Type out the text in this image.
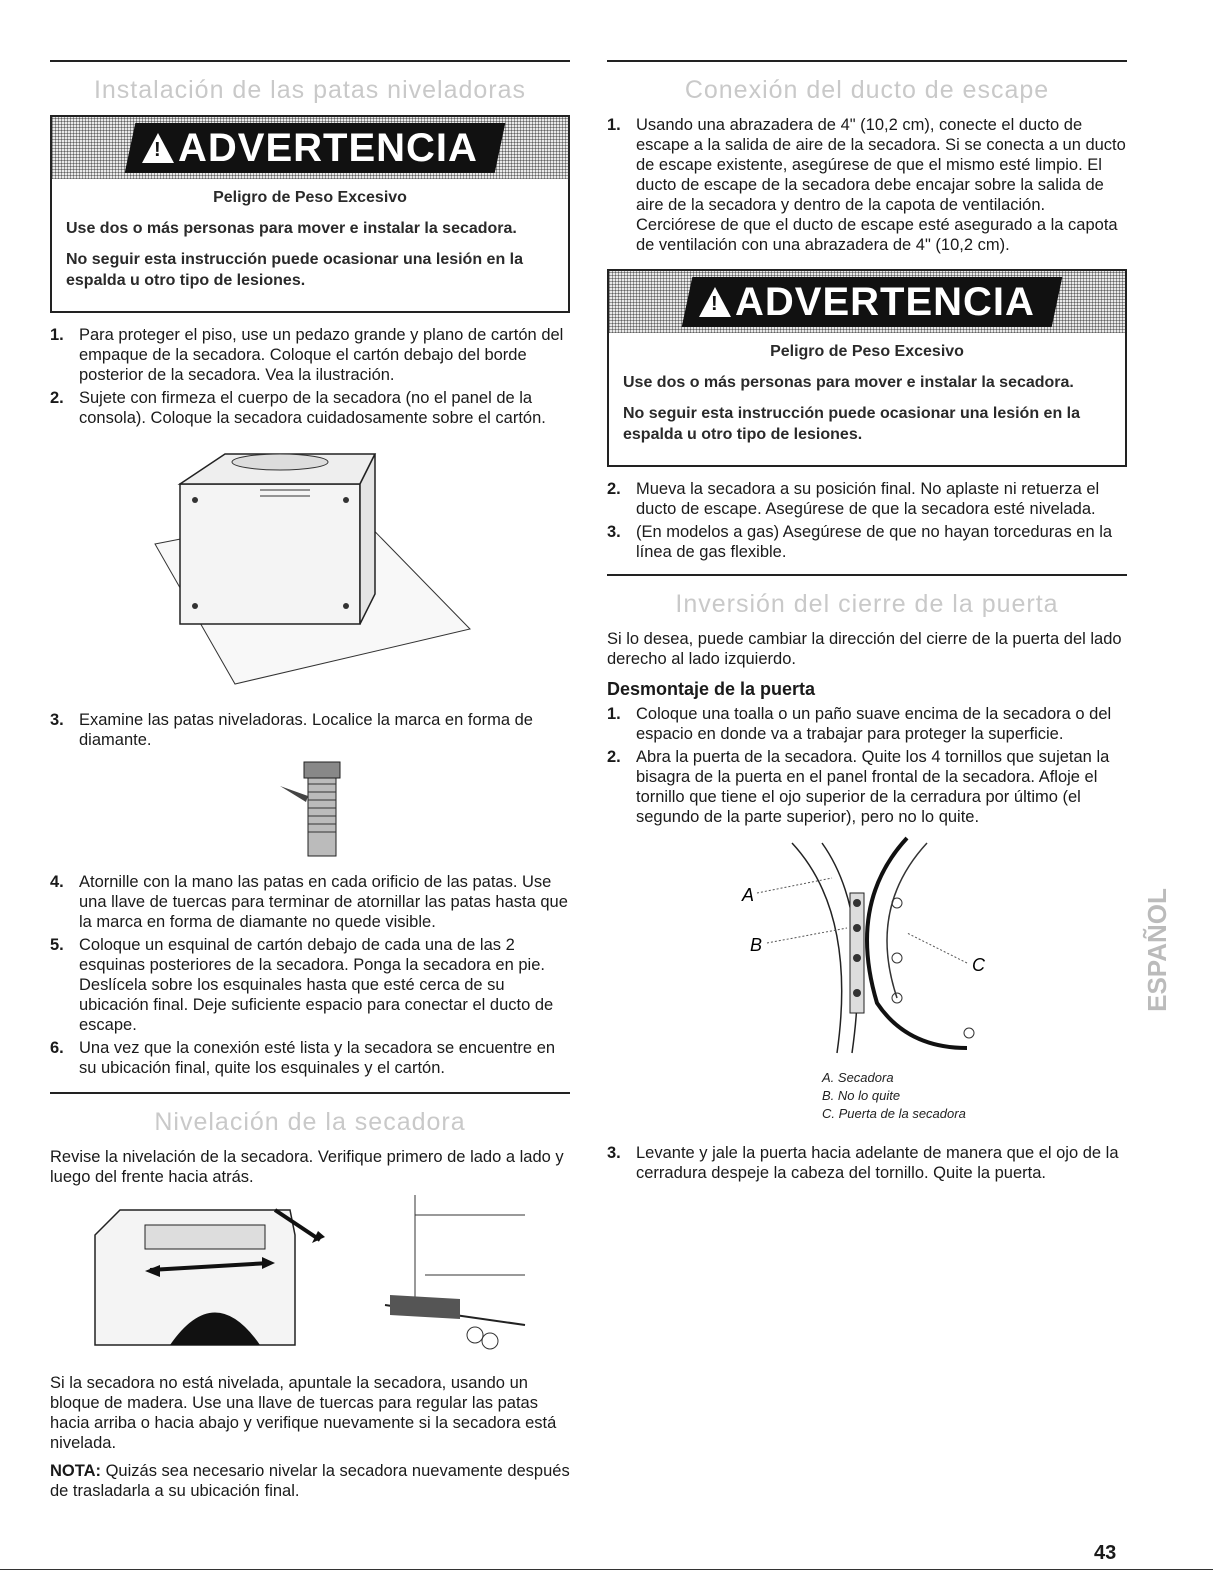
Instalación de las patas niveladoras
!ADVERTENCIA
Peligro de Peso Excesivo

Use dos o más personas para mover e instalar la secadora.

No seguir esta instrucción puede ocasionar una lesión en la espalda u otro tipo de lesiones.

1. Para proteger el piso, use un pedazo grande y plano de cartón del empaque de la secadora. Coloque el cartón debajo del borde posterior de la secadora. Vea la ilustración.
2. Sujete con firmeza el cuerpo de la secadora (no el panel de la consola). Coloque la secadora cuidadosamente sobre el cartón.
3. Examine las patas niveladoras. Localice la marca en forma de diamante.
4. Atornille con la mano las patas en cada orificio de las patas. Use una llave de tuercas para terminar de atornillar las patas hasta que la marca en forma de diamante no quede visible.
5. Coloque un esquinal de cartón debajo de cada una de las 2 esquinas posteriores de la secadora. Ponga la secadora en pie. Deslícela sobre los esquinales hasta que esté cerca de su ubicación final. Deje suficiente espacio para conectar el ducto de escape.
6. Una vez que la conexión esté lista y la secadora se encuentre en su ubicación final, quite los esquinales y el cartón.
Nivelación de la secadora

Revise la nivelación de la secadora. Verifique primero de lado a lado y luego del frente hacia atrás.

Si la secadora no está nivelada, apuntale la secadora, usando un bloque de madera. Use una llave de tuercas para regular las patas hacia arriba o hacia abajo y verifique nuevamente si la secadora está nivelada.

NOTA: Quizás sea necesario nivelar la secadora nuevamente después de trasladarla a su ubicación final.

Conexión del ducto de escape
1. Usando una abrazadera de 4" (10,2 cm), conecte el ducto de escape a la salida de aire de la secadora. Si se conecta a un ducto de escape existente, asegúrese de que el mismo esté limpio. El ducto de escape de la secadora debe encajar sobre la salida de aire de la secadora y dentro de la capota de ventilación. Cerciórese de que el ducto de escape esté asegurado a la capota de ventilación con una abrazadera de 4" (10,2 cm).
!ADVERTENCIA
Peligro de Peso Excesivo

Use dos o más personas para mover e instalar la secadora.

No seguir esta instrucción puede ocasionar una lesión en la espalda u otro tipo de lesiones.

2. Mueva la secadora a su posición final. No aplaste ni retuerza el ducto de escape. Asegúrese de que la secadora esté nivelada.
3. (En modelos a gas) Asegúrese de que no hayan torceduras en la línea de gas flexible.
Inversión del cierre de la puerta

Si lo desea, puede cambiar la dirección del cierre de la puerta del lado derecho al lado izquierdo.

Desmontaje de la puerta
1. Coloque una toalla o un paño suave encima de la secadora o del espacio en donde va a trabajar para proteger la superficie.
2. Abra la puerta de la secadora. Quite los 4 tornillos que sujetan la bisagra de la puerta en el panel frontal de la secadora. Afloje el tornillo que tiene el ojo superior de la cerradura por último (el segundo de la parte superior), pero no lo quite.
A
B
C
A. Secadora
B. No lo quite
C. Puerta de la secadora
3. Levante y jale la puerta hacia adelante de manera que el ojo de la cerradura despeje la cabeza del tornillo. Quite la puerta.
ESPAÑOL
43
